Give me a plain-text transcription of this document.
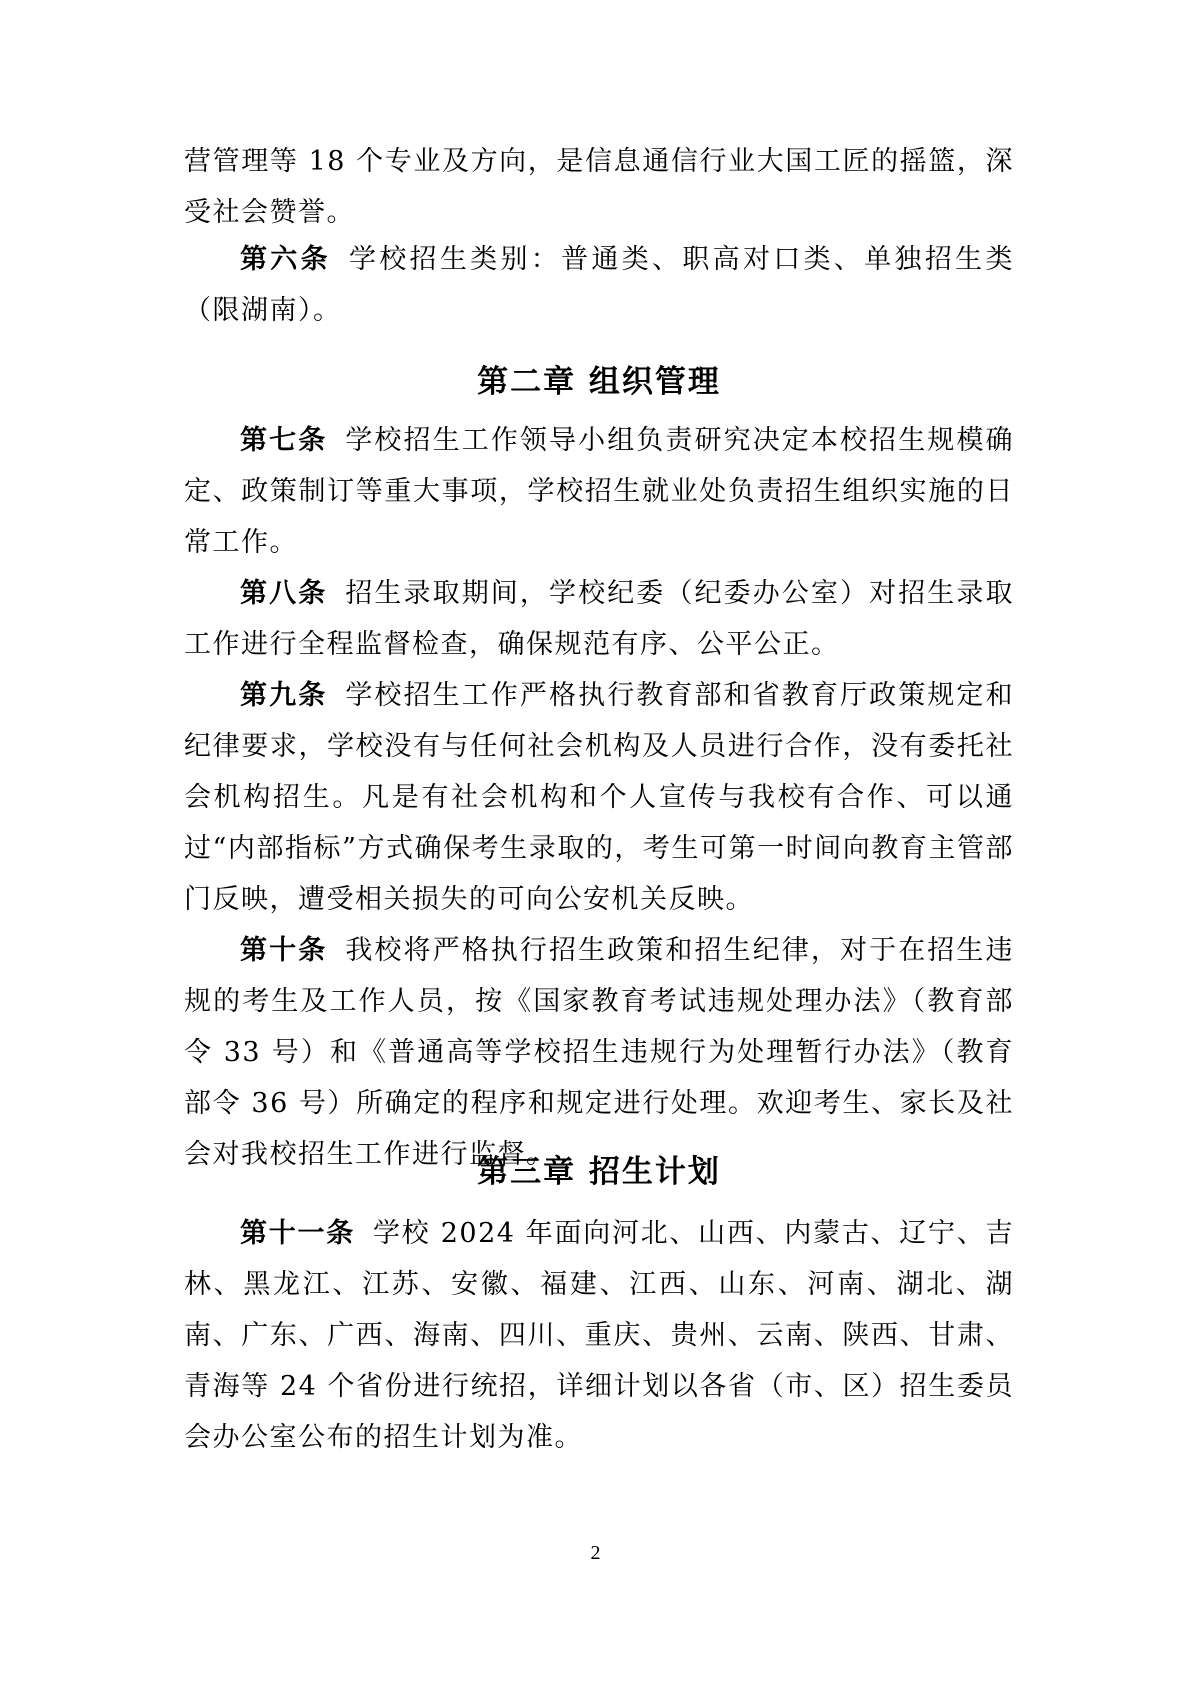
营管理等 18 个专业及方向，是信息通信行业大国工匠的摇篮，深受社会赞誉。

第六条 学校招生类别：普通类、职高对口类、单独招生类（限湖南）。

第二章 组织管理

第七条 学校招生工作领导小组负责研究决定本校招生规模确定、政策制订等重大事项，学校招生就业处负责招生组织实施的日常工作。

第八条 招生录取期间，学校纪委（纪委办公室）对招生录取工作进行全程监督检查，确保规范有序、公平公正。

第九条 学校招生工作严格执行教育部和省教育厅政策规定和纪律要求，学校没有与任何社会机构及人员进行合作，没有委托社会机构招生。凡是有社会机构和个人宣传与我校有合作、可以通过“内部指标”方式确保考生录取的，考生可第一时间向教育主管部门反映，遭受相关损失的可向公安机关反映。

第十条 我校将严格执行招生政策和招生纪律，对于在招生违规的考生及工作人员，按《国家教育考试违规处理办法》（教育部令 33 号）和《普通高等学校招生违规行为处理暂行办法》（教育部令 36 号）所确定的程序和规定进行处理。欢迎考生、家长及社会对我校招生工作进行监督。

第三章 招生计划

第十一条 学校 2024 年面向河北、山西、内蒙古、辽宁、吉林、黑龙江、江苏、安徽、福建、江西、山东、河南、湖北、湖南、广东、广西、海南、四川、重庆、贵州、云南、陕西、甘肃、青海等 24 个省份进行统招，详细计划以各省（市、区）招生委员会办公室公布的招生计划为准。

2
